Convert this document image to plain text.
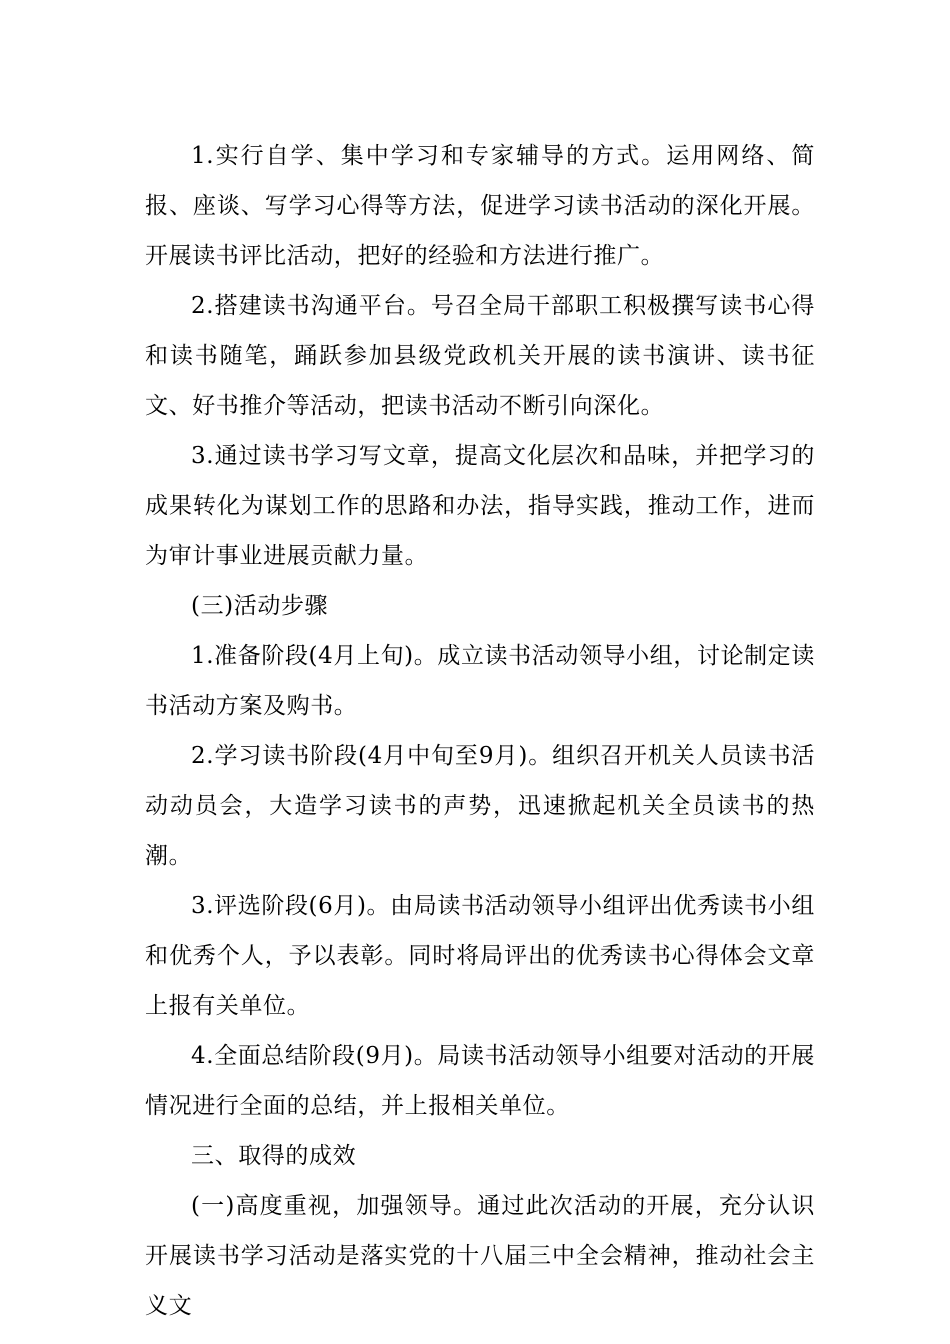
1.实行自学、集中学习和专家辅导的方式。运用网络、简报、座谈、写学习心得等方法，促进学习读书活动的深化开展。开展读书评比活动，把好的经验和方法进行推广。

2.搭建读书沟通平台。号召全局干部职工积极撰写读书心得和读书随笔，踊跃参加县级党政机关开展的读书演讲、读书征文、好书推介等活动，把读书活动不断引向深化。

3.通过读书学习写文章，提高文化层次和品味，并把学习的成果转化为谋划工作的思路和办法，指导实践，推动工作，进而为审计事业进展贡献力量。

(三)活动步骤

1.准备阶段(4月上旬)。成立读书活动领导小组，讨论制定读书活动方案及购书。

2.学习读书阶段(4月中旬至9月)。组织召开机关人员读书活动动员会，大造学习读书的声势，迅速掀起机关全员读书的热潮。

3.评选阶段(6月)。由局读书活动领导小组评出优秀读书小组和优秀个人，予以表彰。同时将局评出的优秀读书心得体会文章上报有关单位。

4.全面总结阶段(9月)。局读书活动领导小组要对活动的开展情况进行全面的总结，并上报相关单位。

三、取得的成效

(一)高度重视，加强领导。通过此次活动的开展，充分认识开展读书学习活动是落实党的十八届三中全会精神，推动社会主义文
